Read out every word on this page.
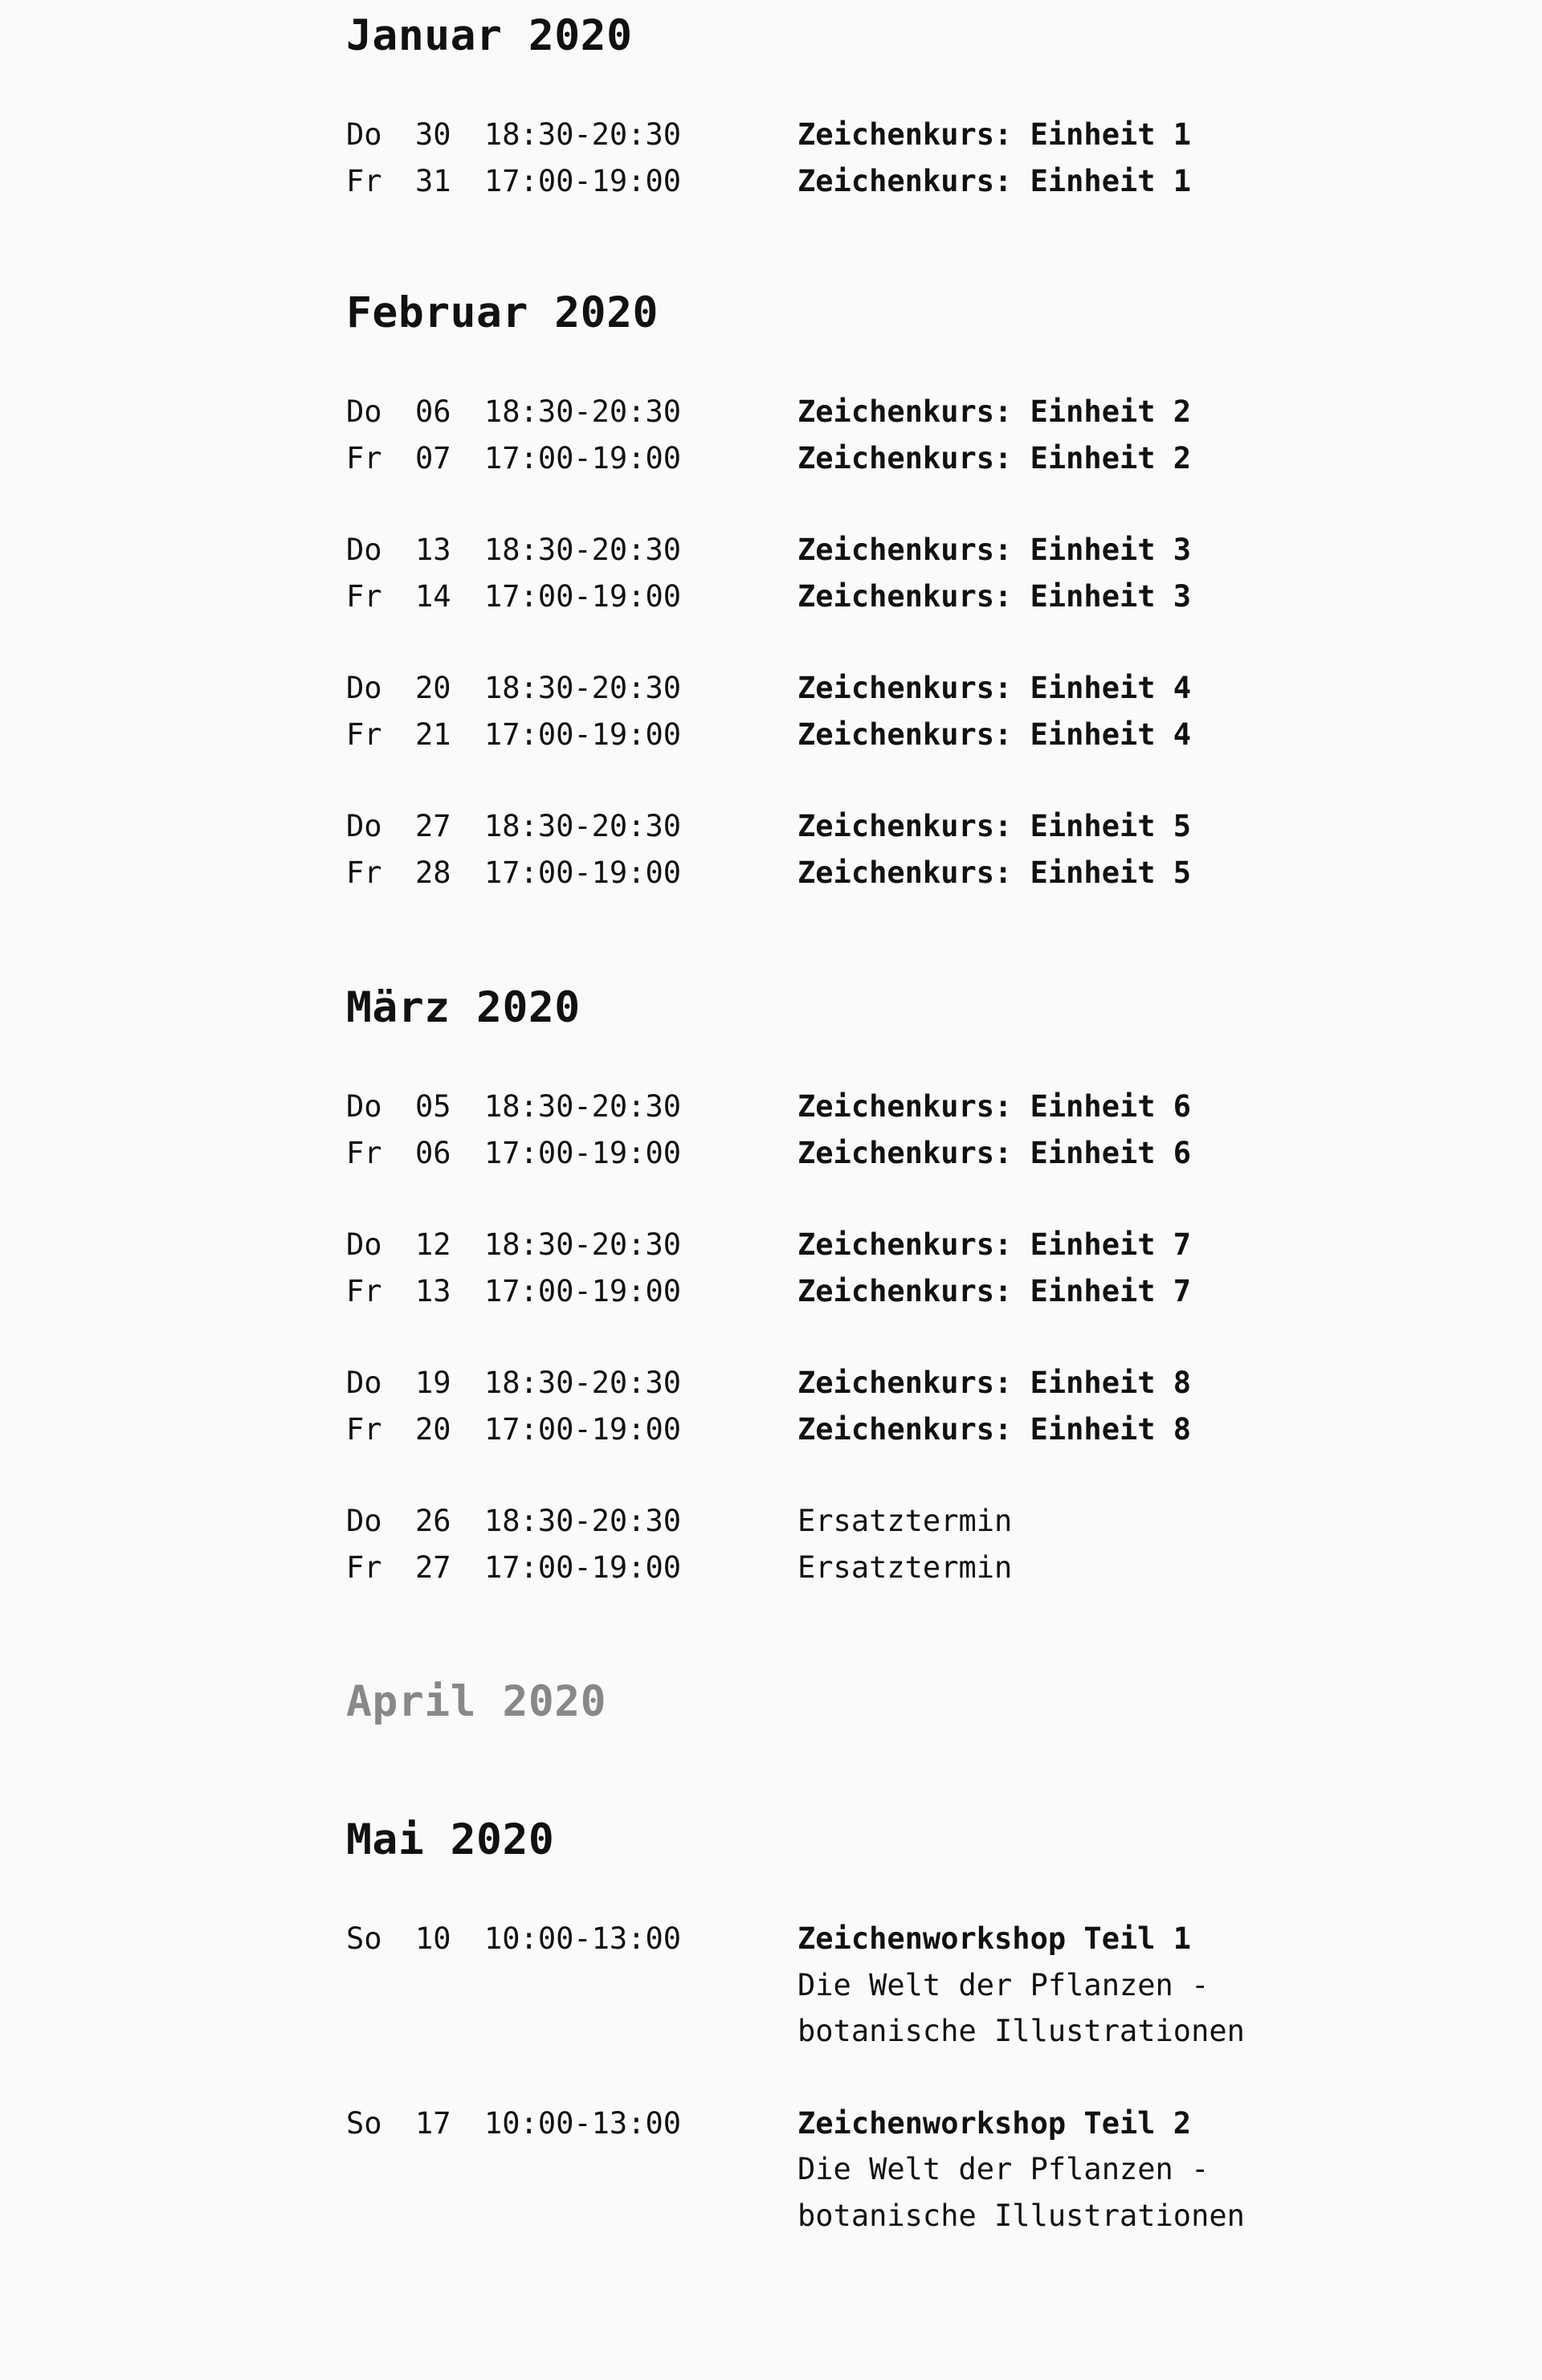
Januar 2020
Do	30	18:30-20:30	Zeichenkurs: Einheit 1
Fr	31	17:00-19:00	Zeichenkurs: Einheit 1
Februar 2020
Do	06	18:30-20:30	Zeichenkurs: Einheit 2
Fr	07	17:00-19:00	Zeichenkurs: Einheit 2
Do	13	18:30-20:30	Zeichenkurs: Einheit 3
Fr	14	17:00-19:00	Zeichenkurs: Einheit 3
Do	20	18:30-20:30	Zeichenkurs: Einheit 4
Fr	21	17:00-19:00	Zeichenkurs: Einheit 4
Do	27	18:30-20:30	Zeichenkurs: Einheit 5
Fr	28	17:00-19:00	Zeichenkurs: Einheit 5
März 2020
Do	05	18:30-20:30	Zeichenkurs: Einheit 6
Fr	06	17:00-19:00	Zeichenkurs: Einheit 6
Do	12	18:30-20:30	Zeichenkurs: Einheit 7
Fr	13	17:00-19:00	Zeichenkurs: Einheit 7
Do	19	18:30-20:30	Zeichenkurs: Einheit 8
Fr	20	17:00-19:00	Zeichenkurs: Einheit 8
Do	26	18:30-20:30	Ersatztermin
Fr	27	17:00-19:00	Ersatztermin
April 2020
Mai 2020
So	10	10:00-13:00	Zeichenworkshop Teil 1
Die Welt der Pflanzen -
botanische Illustrationen
So	17	10:00-13:00	Zeichenworkshop Teil 2
Die Welt der Pflanzen -
botanische Illustrationen
